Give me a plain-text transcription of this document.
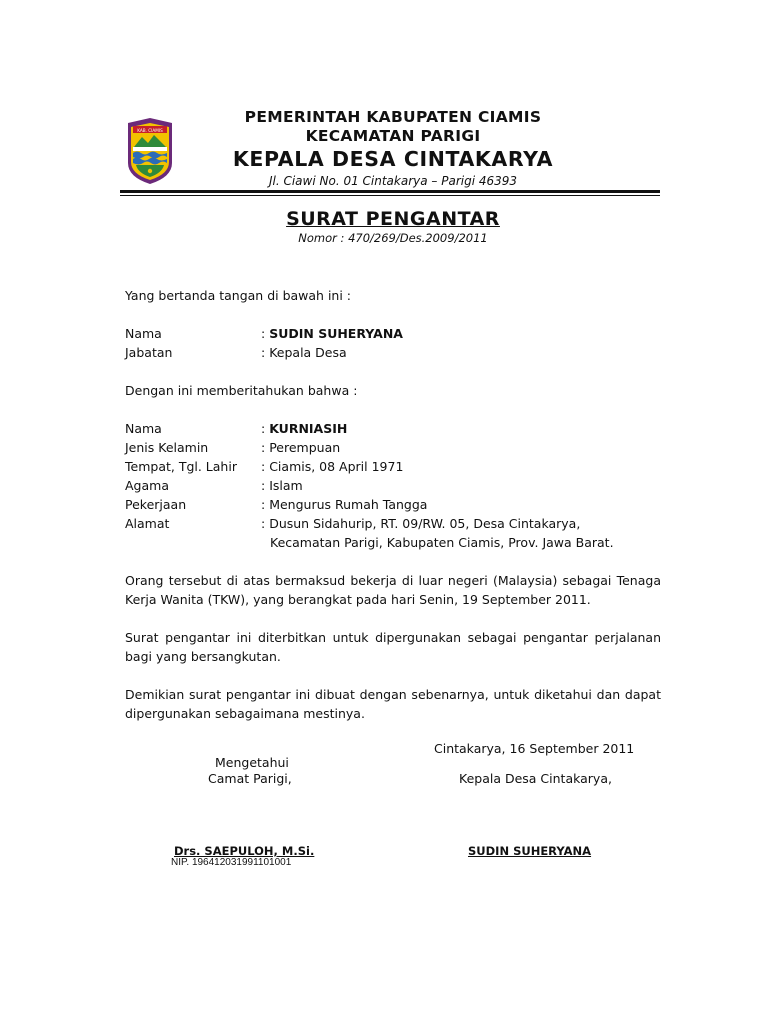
KAB. CIAMIS
PEMERINTAH KABUPATEN CIAMIS
KECAMATAN PARIGI
KEPALA DESA CINTAKARYA
Jl. Ciawi No. 01 Cintakarya – Parigi 46393
SURAT PENGANTAR
Nomor : 470/269/Des.2009/2011
Yang bertanda tangan di bawah ini :
Nama	: SUDIN SUHERYANA
Jabatan	: Kepala Desa
Dengan ini memberitahukan bahwa :
Nama	: KURNIASIH
Jenis Kelamin	: Perempuan
Tempat, Tgl. Lahir : Ciamis, 08 April 1971
Agama	: Islam
Pekerjaan	: Mengurus Rumah Tangga
Alamat	: Dusun Sidahurip, RT. 09/RW. 05, Desa Cintakarya,
Kecamatan Parigi, Kabupaten Ciamis, Prov. Jawa Barat.
Orang tersebut di atas bermaksud bekerja di luar negeri (Malaysia) sebagai Tenaga Kerja Wanita (TKW), yang berangkat pada hari Senin, 19 September 2011.
Surat pengantar ini diterbitkan untuk dipergunakan sebagai pengantar perjalanan bagi yang bersangkutan.
Demikian surat pengantar ini dibuat dengan sebenarnya, untuk diketahui dan dapat dipergunakan sebagaimana mestinya.
Cintakarya, 16 September 2011
Mengetahui
Camat Parigi,	Kepala Desa Cintakarya,
Drs. SAEPULOH, M.Si.
NIP. 196412031991101001
SUDIN SUHERYANA
